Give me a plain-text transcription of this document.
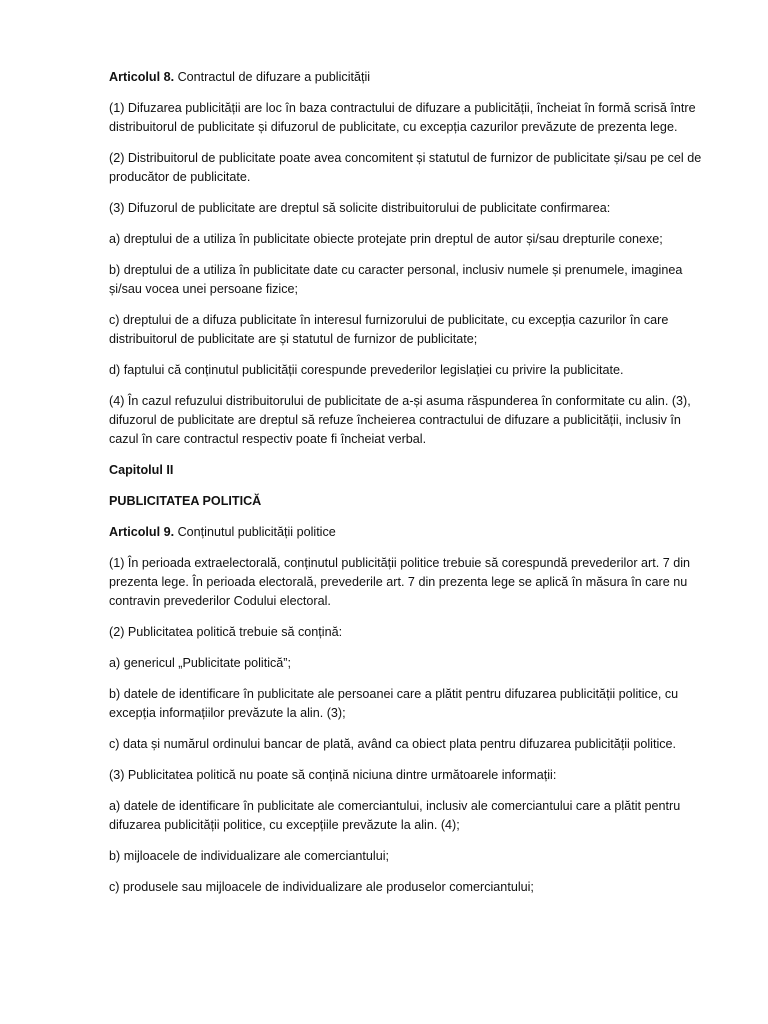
Articolul 8. Contractul de difuzare a publicității

(1) Difuzarea publicității are loc în baza contractului de difuzare a publicității, încheiat în formă scrisă între distribuitorul de publicitate și difuzorul de publicitate, cu excepția cazurilor prevăzute de prezenta lege.

(2) Distribuitorul de publicitate poate avea concomitent și statutul de furnizor de publicitate și/sau pe cel de producător de publicitate.

(3) Difuzorul de publicitate are dreptul să solicite distribuitorului de publicitate confirmarea:

a) dreptului de a utiliza în publicitate obiecte protejate prin dreptul de autor și/sau drepturile conexe;

b) dreptului de a utiliza în publicitate date cu caracter personal, inclusiv numele și prenumele, imaginea și/sau vocea unei persoane fizice;

c) dreptului de a difuza publicitate în interesul furnizorului de publicitate, cu excepția cazurilor în care distribuitorul de publicitate are și statutul de furnizor de publicitate;

d) faptului că conținutul publicității corespunde prevederilor legislației cu privire la publicitate.

(4) În cazul refuzului distribuitorului de publicitate de a-și asuma răspunderea în conformitate cu alin. (3), difuzorul de publicitate are dreptul să refuze încheierea contractului de difuzare a publicității, inclusiv în cazul în care contractul respectiv poate fi încheiat verbal.

Capitolul II

PUBLICITATEA POLITICĂ

Articolul 9. Conținutul publicității politice

(1) În perioada extraelectorală, conținutul publicității politice trebuie să corespundă prevederilor art. 7 din prezenta lege. În perioada electorală, prevederile art. 7 din prezenta lege se aplică în măsura în care nu contravin prevederilor Codului electoral.

(2) Publicitatea politică trebuie să conțină:

a) genericul „Publicitate politică”;

b) datele de identificare în publicitate ale persoanei care a plătit pentru difuzarea publicității politice, cu excepția informațiilor prevăzute la alin. (3);

c) data și numărul ordinului bancar de plată, având ca obiect plata pentru difuzarea publicității politice.

(3) Publicitatea politică nu poate să conțină niciuna dintre următoarele informații:

a) datele de identificare în publicitate ale comerciantului, inclusiv ale comerciantului care a plătit pentru difuzarea publicității politice, cu excepțiile prevăzute la alin. (4);

b) mijloacele de individualizare ale comerciantului;

c) produsele sau mijloacele de individualizare ale produselor comerciantului;
